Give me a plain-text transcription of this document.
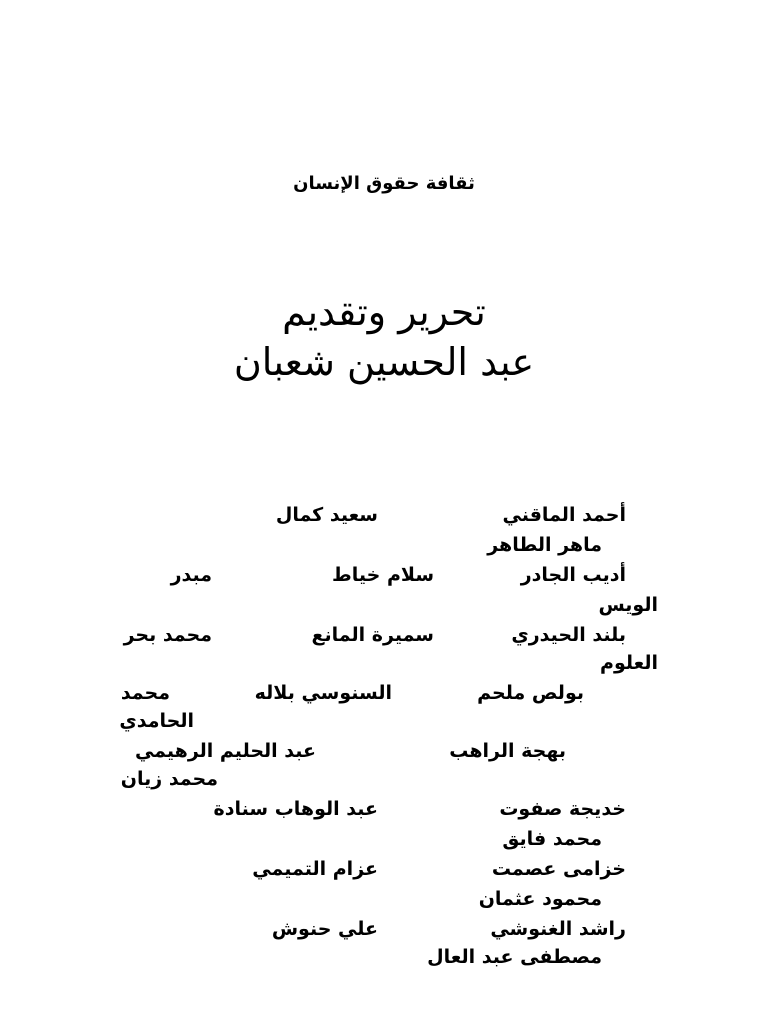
ثقافة حقوق الإنسان
تحرير وتقديم
عبد الحسين شعبان
أحمد الماقني
سعيد كمال
ماهر الطاهر
أديب الجادر
سلام خياط
مبدر
الويس
بلند الحيدري
سميرة المانع
محمد بحر
العلوم
بولص ملحم
السنوسي بلاله
محمد
الحامدي
بهجة الراهب
عبد الحليم الرهيمي
محمد زيان
خديجة صفوت
عبد الوهاب سنادة
محمد فايق
خزامى عصمت
عزام التميمي
محمود عثمان
راشد الغنوشي
علي حنوش
مصطفى عبد العال
